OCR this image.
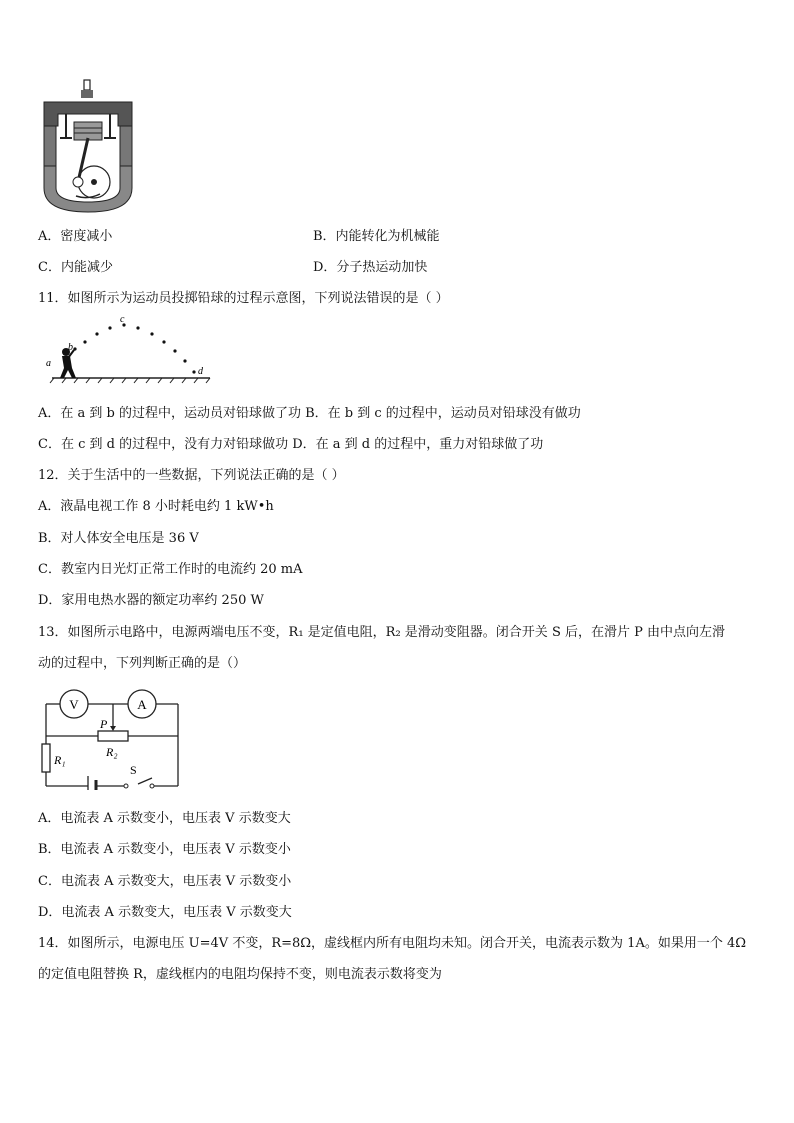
A．密度减小	B．内能转化为机械能
C．内能减少	D．分子热运动加快
11．如图所示为运动员投掷铅球的过程示意图，下列说法错误的是（ ）
a
b
c
d
A．在 a 到 b 的过程中，运动员对铅球做了功 B．在 b 到 c 的过程中，运动员对铅球没有做功
C．在 c 到 d 的过程中，没有力对铅球做功 D．在 a 到 d 的过程中，重力对铅球做了功
12．关于生活中的一些数据，下列说法正确的是（ ）
A．液晶电视工作 8 小时耗电约 1 kW•h
B．对人体安全电压是 36 V
C．教室内日光灯正常工作时的电流约 20 mA
D．家用电热水器的额定功率约 250 W
13．如图所示电路中，电源两端电压不变，R₁ 是定值电阻，R₂ 是滑动变阻器。闭合开关 S 后，在滑片 P 由中点向左滑
动的过程中，下列判断正确的是（）
V	A
P
R₂
R₁
S
A．电流表 A 示数变小，电压表 V 示数变大
B．电流表 A 示数变小，电压表 V 示数变小
C．电流表 A 示数变大，电压表 V 示数变小
D．电流表 A 示数变大，电压表 V 示数变大
14．如图所示，电源电压 U=4V 不变，R=8Ω，虚线框内所有电阻均未知。闭合开关，电流表示数为 1A。如果用一个 4Ω
的定值电阻替换 R，虚线框内的电阻均保持不变，则电流表示数将变为
